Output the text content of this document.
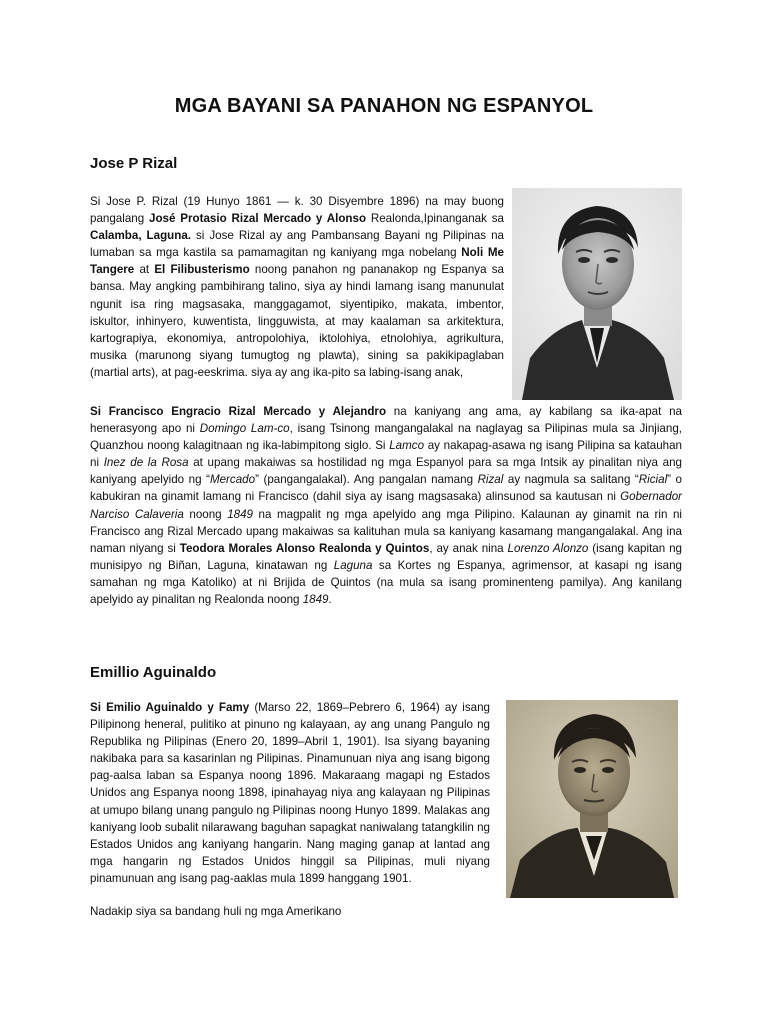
MGA BAYANI SA PANAHON NG ESPANYOL
Jose P Rizal

Si Jose P. Rizal (19 Hunyo 1861 — k. 30 Disyembre 1896) na may buong pangalang José Protasio Rizal Mercado y Alonso Realonda,Ipinanganak sa Calamba, Laguna. si Jose Rizal ay ang Pambansang Bayani ng Pilipinas na lumaban sa mga kastila sa pamamagitan ng kaniyang mga nobelang Noli Me Tangere at El Filibusterismo noong panahon ng pananakop ng Espanya sa bansa. May angking pambihirang talino, siya ay hindi lamang isang manunulat ngunit isa ring magsasaka, manggagamot, siyentipiko, makata, imbentor, iskultor, inhinyero, kuwentista, lingguwista, at may kaalaman sa arkitektura, kartograpiya, ekonomiya, antropolohiya, iktolohiya, etnolohiya, agrikultura, musika (marunong siyang tumugtog ng plawta), sining sa pakikipaglaban (martial arts), at pag-eeskrima. siya ay ang ika-pito sa labing-isang anak,

Si Francisco Engracio Rizal Mercado y Alejandro na kaniyang ang ama, ay kabilang sa ika-apat na henerasyong apo ni Domingo Lam-co, isang Tsinong mangangalakal na naglayag sa Pilipinas mula sa Jinjiang, Quanzhou noong kalagitnaan ng ika-labimpitong siglo. Si Lamco ay nakapag-asawa ng isang Pilipina sa katauhan ni Inez de la Rosa at upang makaiwas sa hostilidad ng mga Espanyol para sa mga Intsik ay pinalitan niya ang kaniyang apelyido ng “Mercado” (pangangalakal). Ang pangalan namang Rizal ay nagmula sa salitang “Ricial” o kabukiran na ginamit lamang ni Francisco (dahil siya ay isang magsasaka) alinsunod sa kautusan ni Gobernador Narciso Calaveria noong 1849 na magpalit ng mga apelyido ang mga Pilipino. Kalaunan ay ginamit na rin ni Francisco ang Rizal Mercado upang makaiwas sa kalituhan mula sa kaniyang kasamang mangangalakal. Ang ina naman niyang si Teodora Morales Alonso Realonda y Quintos, ay anak nina Lorenzo Alonzo (isang kapitan ng munisipyo ng Biñan, Laguna, kinatawan ng Laguna sa Kortes ng Espanya, agrimensor, at kasapi ng isang samahan ng mga Katoliko) at ni Brijida de Quintos (na mula sa isang prominenteng pamilya). Ang kanilang apelyido ay pinalitan ng Realonda noong 1849.

Emillio Aguinaldo

Si Emilio Aguinaldo y Famy (Marso 22, 1869–Pebrero 6, 1964) ay isang Pilipinong heneral, pulitiko at pinuno ng kalayaan, ay ang unang Pangulo ng Republika ng Pilipinas (Enero 20, 1899–Abril 1, 1901). Isa siyang bayaning nakibaka para sa kasarinlan ng Pilipinas. Pinamunuan niya ang isang bigong pag-aalsa laban sa Espanya noong 1896. Makaraang magapi ng Estados Unidos ang Espanya noong 1898, ipinahayag niya ang kalayaan ng Pilipinas at umupo bilang unang pangulo ng Pilipinas noong Hunyo 1899. Malakas ang kaniyang loob subalit nilarawang baguhan sapagkat naniwalang tatangkilin ng Estados Unidos ang kaniyang hangarin. Nang maging ganap at lantad ang mga hangarin ng Estados Unidos hinggil sa Pilipinas, muli niyang pinamunuan ang isang pag-aaklas mula 1899 hanggang 1901.

Nadakip siya sa bandang huli ng mga Amerikano
